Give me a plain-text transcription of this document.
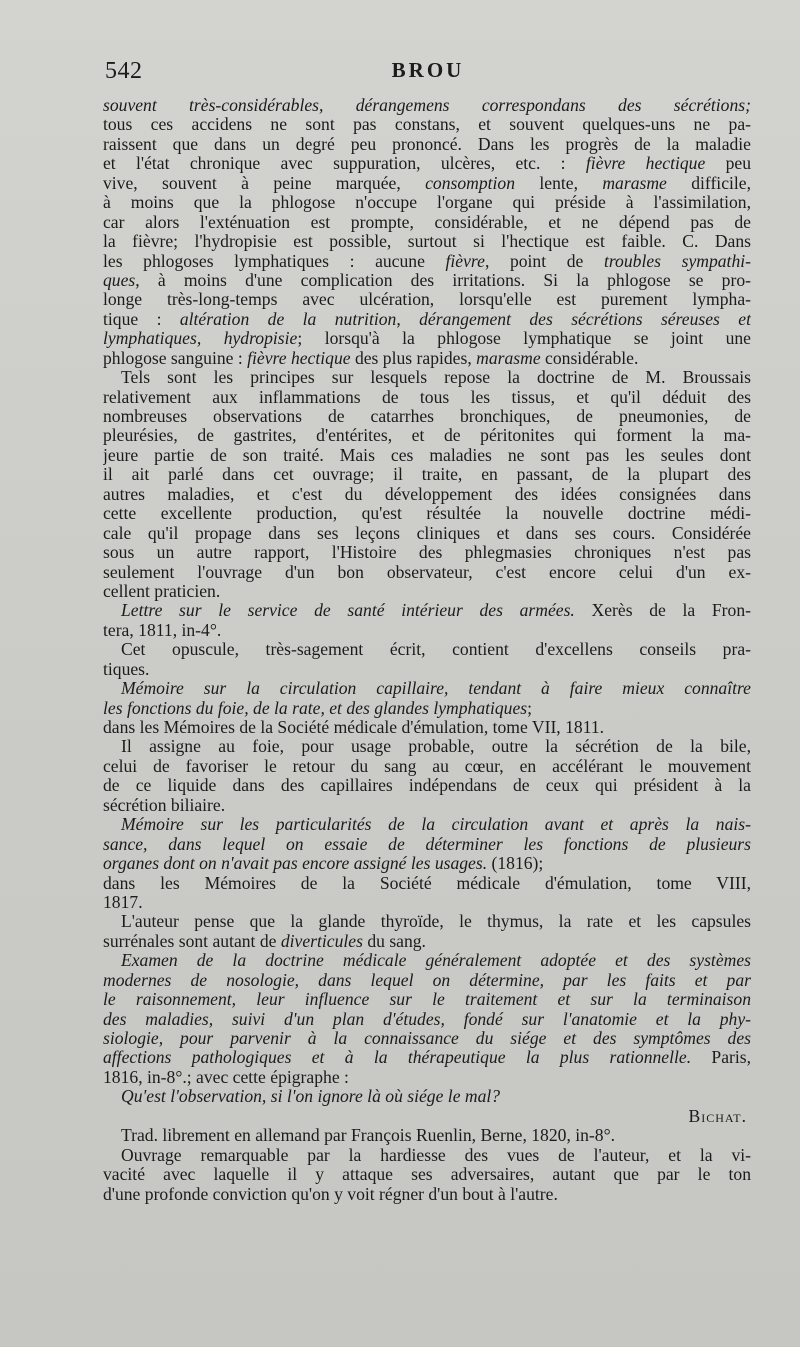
542	BROU
souvent très-considérables, dérangemens correspondans des sécrétions;
tous ces accidens ne sont pas constans, et souvent quelques-uns ne pa-
raissent que dans un degré peu prononcé. Dans les progrès de la maladie
et l'état chronique avec suppuration, ulcères, etc. : fièvre hectique peu
vive, souvent à peine marquée, consomption lente, marasme difficile,
à moins que la phlogose n'occupe l'organe qui préside à l'assimilation,
car alors l'exténuation est prompte, considérable, et ne dépend pas de
la fièvre; l'hydropisie est possible, surtout si l'hectique est faible. C. Dans
les phlogoses lymphatiques : aucune fièvre, point de troubles sympathi-
ques, à moins d'une complication des irritations. Si la phlogose se pro-
longe très-long-temps avec ulcération, lorsqu'elle est purement lympha-
tique : altération de la nutrition, dérangement des sécrétions séreuses et
lymphatiques, hydropisie; lorsqu'à la phlogose lymphatique se joint une
phlogose sanguine : fièvre hectique des plus rapides, marasme considérable.
Tels sont les principes sur lesquels repose la doctrine de M. Broussais
relativement aux inflammations de tous les tissus, et qu'il déduit des
nombreuses observations de catarrhes bronchiques, de pneumonies, de
pleurésies, de gastrites, d'entérites, et de péritonites qui forment la ma-
jeure partie de son traité. Mais ces maladies ne sont pas les seules dont
il ait parlé dans cet ouvrage; il traite, en passant, de la plupart des
autres maladies, et c'est du développement des idées consignées dans
cette excellente production, qu'est résultée la nouvelle doctrine médi-
cale qu'il propage dans ses leçons cliniques et dans ses cours. Considérée
sous un autre rapport, l'Histoire des phlegmasies chroniques n'est pas
seulement l'ouvrage d'un bon observateur, c'est encore celui d'un ex-
cellent praticien.
Lettre sur le service de santé intérieur des armées. Xerès de la Fron-
tera, 1811, in-4°.
Cet opuscule, très-sagement écrit, contient d'excellens conseils pra-
tiques.
Mémoire sur la circulation capillaire, tendant à faire mieux connaître
les fonctions du foie, de la rate, et des glandes lymphatiques;
dans les Mémoires de la Société médicale d'émulation, tome VII, 1811.
Il assigne au foie, pour usage probable, outre la sécrétion de la bile,
celui de favoriser le retour du sang au cœur, en accélérant le mouvement
de ce liquide dans des capillaires indépendans de ceux qui président à la
sécrétion biliaire.
Mémoire sur les particularités de la circulation avant et après la nais-
sance, dans lequel on essaie de déterminer les fonctions de plusieurs
organes dont on n'avait pas encore assigné les usages. (1816);
dans les Mémoires de la Société médicale d'émulation, tome VIII,
1817.
L'auteur pense que la glande thyroïde, le thymus, la rate et les capsules
surrénales sont autant de diverticules du sang.
Examen de la doctrine médicale généralement adoptée et des systèmes
modernes de nosologie, dans lequel on détermine, par les faits et par
le raisonnement, leur influence sur le traitement et sur la terminaison
des maladies, suivi d'un plan d'études, fondé sur l'anatomie et la phy-
siologie, pour parvenir à la connaissance du siége et des symptômes des
affections pathologiques et à la thérapeutique la plus rationnelle. Paris,
1816, in-8°.; avec cette épigraphe :
Qu'est l'observation, si l'on ignore là où siége le mal?
Bichat.
Trad. librement en allemand par François Ruenlin, Berne, 1820, in-8°.
Ouvrage remarquable par la hardiesse des vues de l'auteur, et la vi-
vacité avec laquelle il y attaque ses adversaires, autant que par le ton
d'une profonde conviction qu'on y voit régner d'un bout à l'autre.
